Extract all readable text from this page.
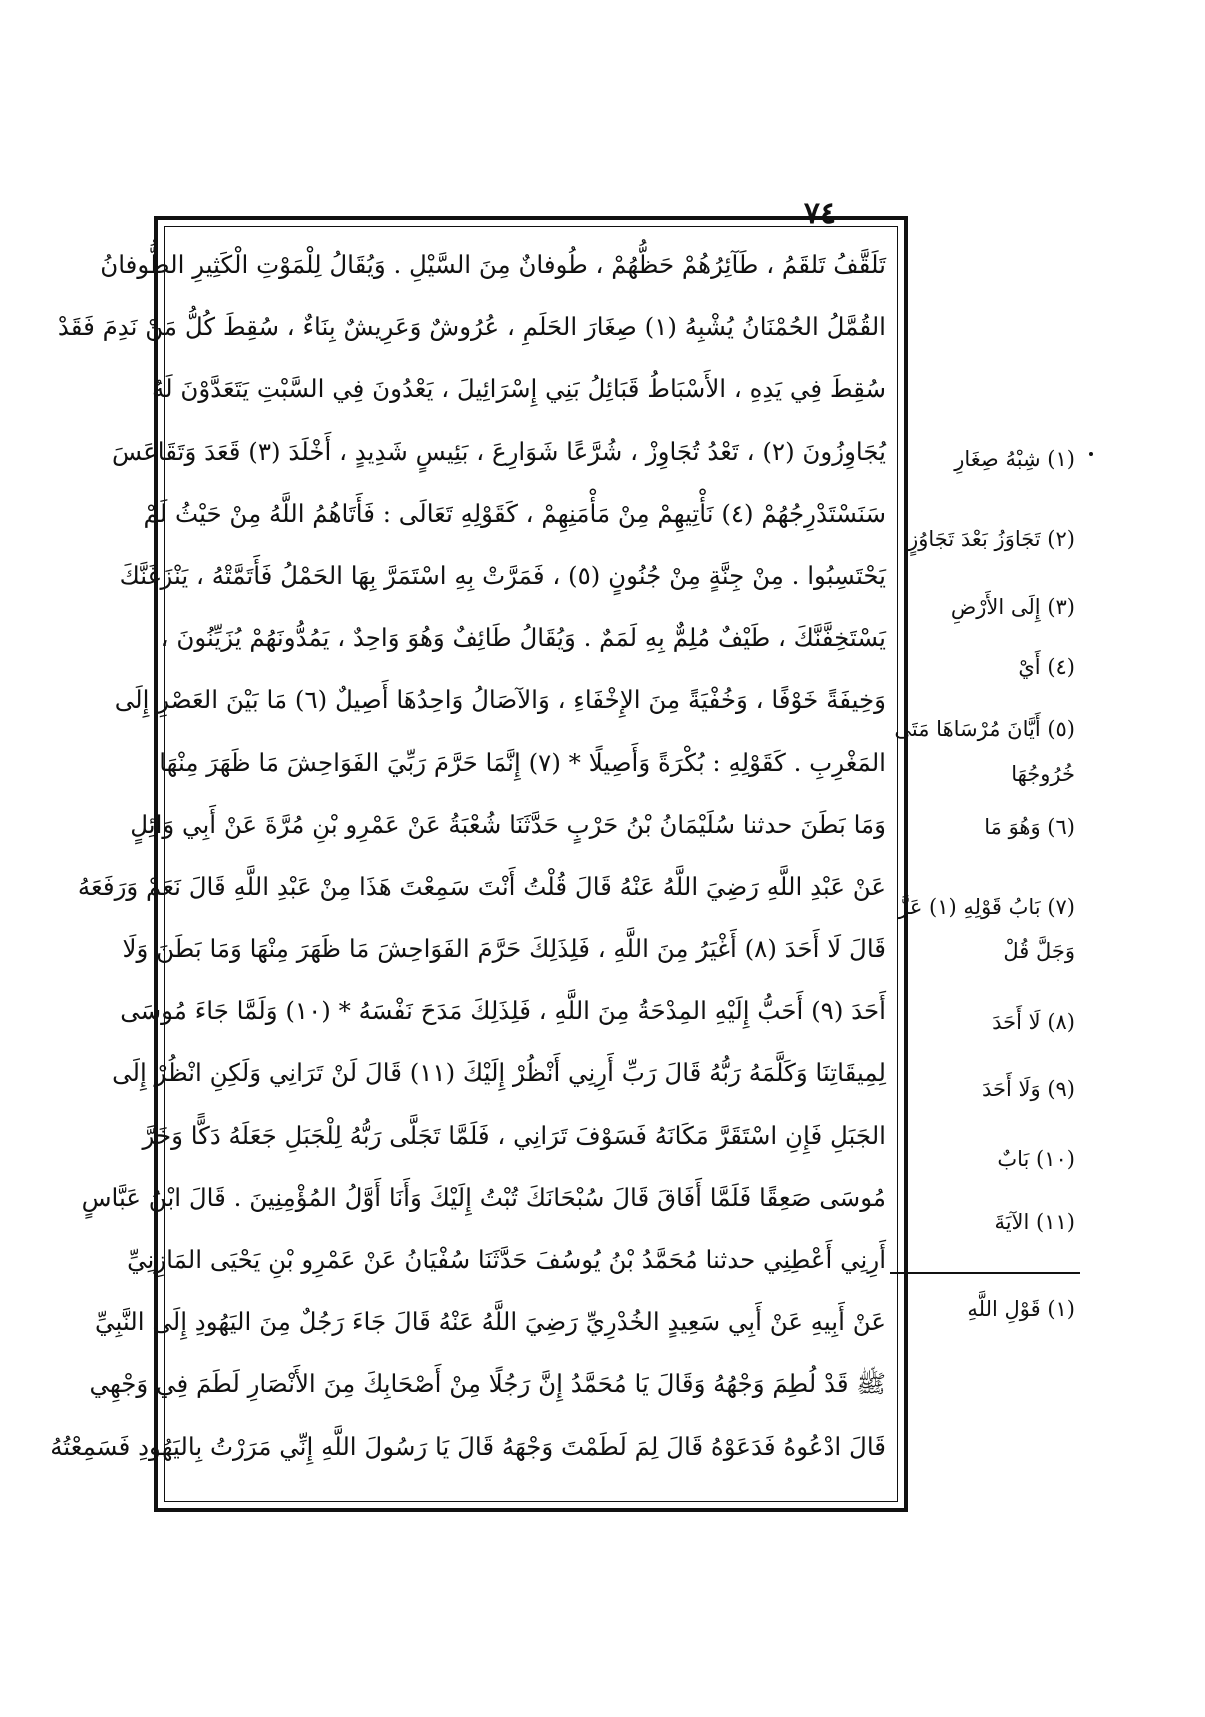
٧٤
تَلَقَّفُ تَلقَمُ ، طَآئِرُهُمْ حَظُّهُمْ ، طُوفانٌ مِنَ السَّيْلِ . وَيُقَالُ لِلْمَوْتِ الْكَثِيرِ الطُّوفانُ
القُمَّلُ الحُمْنَانُ يُشْبِهُ (١) صِغَارَ الحَلَمِ ، عُرُوشٌ وَعَرِيشٌ بِنَاءٌ ، سُقِطَ كُلُّ مَنْ نَدِمَ فَقَدْ
سُقِطَ فِي يَدِهِ ، الأَسْبَاطُ قَبَائِلُ بَنِي إِسْرَائِيلَ ، يَعْدُونَ فِي السَّبْتِ يَتَعَدَّوْنَ لَهُ
يُجَاوِزُونَ (٢) ، تَعْدُ تُجَاوِزْ ، شُرَّعًا شَوَارِعَ ، بَئِيسٍ شَدِيدٍ ، أَخْلَدَ (٣) قَعَدَ وَتَقَاعَسَ
سَنَسْتَدْرِجُهُمْ (٤) نَأْتِيهِمْ مِنْ مَأْمَنِهِمْ ، كَقَوْلِهِ تَعَالَى : فَأَتَاهُمُ اللَّهُ مِنْ حَيْثُ لَمْ
يَحْتَسِبُوا . مِنْ جِنَّةٍ مِنْ جُنُونٍ (٥) ، فَمَرَّتْ بِهِ اسْتَمَرَّ بِهَا الحَمْلُ فَأَتَمَّتْهُ ، يَنْزَغَنَّكَ
يَسْتَخِفَّنَّكَ ، طَيْفٌ مُلِمٌّ بِهِ لَمَمٌ . وَيُقَالُ طَائِفٌ وَهُوَ وَاحِدٌ ، يَمُدُّونَهُمْ يُزَيِّنُونَ ،
وَخِيفَةً خَوْفًا ، وَخُفْيَةً مِنَ الإِخْفَاءِ ، وَالآصَالُ وَاحِدُهَا أَصِيلٌ (٦) مَا بَيْنَ العَصْرِ إِلَى
المَغْرِبِ . كَقَوْلِهِ : بُكْرَةً وَأَصِيلًا * (٧) إِنَّمَا حَرَّمَ رَبِّيَ الفَوَاحِشَ مَا ظَهَرَ مِنْهَا
وَمَا بَطَنَ حدثنا سُلَيْمَانُ بْنُ حَرْبٍ حَدَّثَنَا شُعْبَةُ عَنْ عَمْرِو بْنِ مُرَّةَ عَنْ أَبِي وَائِلٍ
عَنْ عَبْدِ اللَّهِ رَضِيَ اللَّهُ عَنْهُ قَالَ قُلْتُ أَنْتَ سَمِعْتَ هَذَا مِنْ عَبْدِ اللَّهِ قَالَ نَعَمْ وَرَفَعَهُ
قَالَ لَا أَحَدَ (٨) أَغْيَرُ مِنَ اللَّهِ ، فَلِذَلِكَ حَرَّمَ الفَوَاحِشَ مَا ظَهَرَ مِنْهَا وَمَا بَطَنَ وَلَا
أَحَدَ (٩) أَحَبُّ إِلَيْهِ المِدْحَةُ مِنَ اللَّهِ ، فَلِذَلِكَ مَدَحَ نَفْسَهُ * (١٠) وَلَمَّا جَاءَ مُوسَى
لِمِيقَاتِنَا وَكَلَّمَهُ رَبُّهُ قَالَ رَبِّ أَرِنِي أَنْظُرْ إِلَيْكَ (١١) قَالَ لَنْ تَرَانِي وَلَكِنِ انْظُرْ إِلَى
الجَبَلِ فَإِنِ اسْتَقَرَّ مَكَانَهُ فَسَوْفَ تَرَانِي ، فَلَمَّا تَجَلَّى رَبُّهُ لِلْجَبَلِ جَعَلَهُ دَكًّا وَخَرَّ
مُوسَى صَعِقًا فَلَمَّا أَفَاقَ قَالَ سُبْحَانَكَ تُبْتُ إِلَيْكَ وَأَنَا أَوَّلُ المُؤْمِنِينَ . قَالَ ابْنُ عَبَّاسٍ
أَرِنِي أَعْطِنِي حدثنا مُحَمَّدُ بْنُ يُوسُفَ حَدَّثَنَا سُفْيَانُ عَنْ عَمْرِو بْنِ يَحْيَى المَازِنِيِّ
عَنْ أَبِيهِ عَنْ أَبِي سَعِيدٍ الخُدْرِيِّ رَضِيَ اللَّهُ عَنْهُ قَالَ جَاءَ رَجُلٌ مِنَ اليَهُودِ إِلَى النَّبِيِّ
ﷺ قَدْ لُطِمَ وَجْهُهُ وَقَالَ يَا مُحَمَّدُ إِنَّ رَجُلًا مِنْ أَصْحَابِكَ مِنَ الأَنْصَارِ لَطَمَ فِي وَجْهِي
قَالَ ادْعُوهُ فَدَعَوْهُ قَالَ لِمَ لَطَمْتَ وَجْهَهُ قَالَ يَا رَسُولَ اللَّهِ إِنِّي مَرَرْتُ بِاليَهُودِ فَسَمِعْتُهُ
(١) شِبْهُ صِغَارِ
(٢) تَجَاوَزُ بَعْدَ تَجَاوُزٍ
(٣) إِلَى الأَرْضِ
(٤) أَيْ
(٥) أَيَّانَ مُرْسَاهَا مَتَى
خُرُوجُهَا
(٦) وَهُوَ مَا
(٧) بَابُ قَوْلِهِ (١) عَزَّ
وَجَلَّ قُلْ
(٨) لَا أَحَدَ
(٩) وَلَا أَحَدَ
(١٠) بَابٌ
(١١) الآيَةَ
(١) قَوْلِ اللَّهِ
